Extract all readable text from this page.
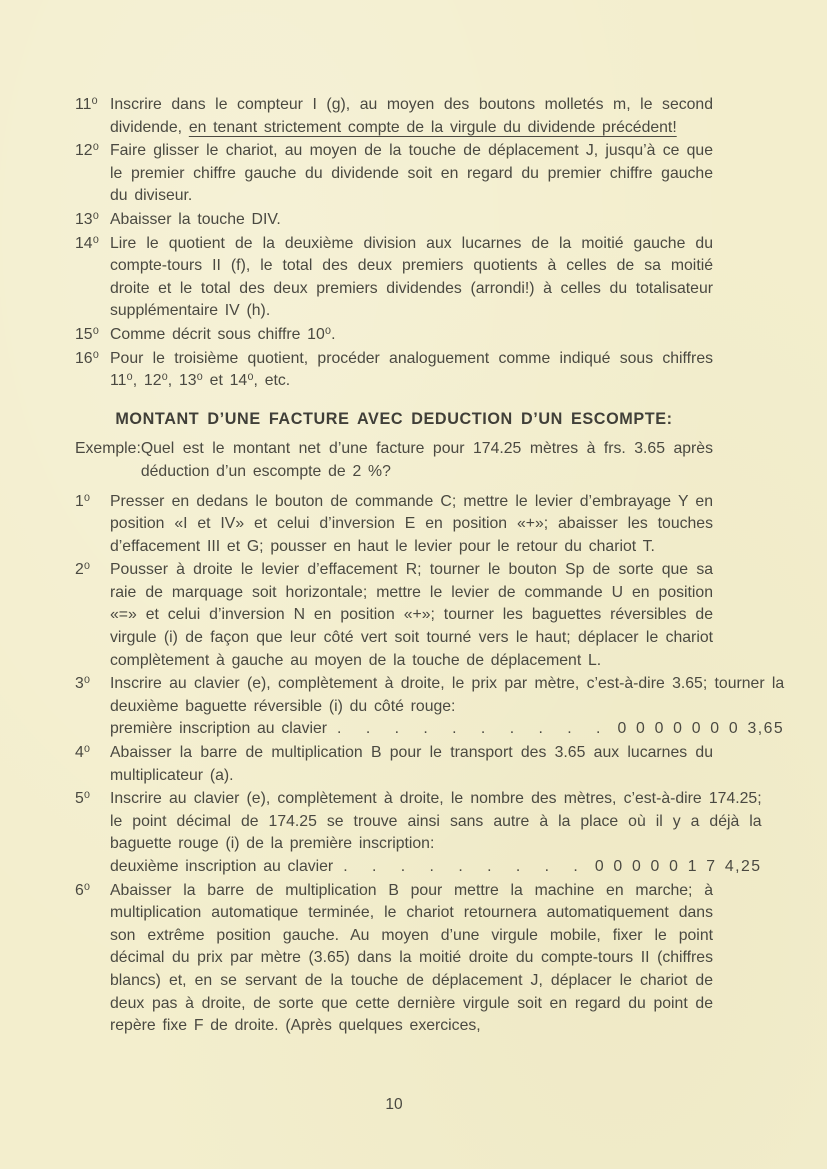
11⁰ Inscrire dans le compteur I (g), au moyen des boutons molletés m, le second dividende, en tenant strictement compte de la virgule du dividende précédent!
12⁰ Faire glisser le chariot, au moyen de la touche de déplacement J, jusqu’à ce que le premier chiffre gauche du dividende soit en regard du premier chiffre gauche du diviseur.
13⁰ Abaisser la touche DIV.
14⁰ Lire le quotient de la deuxième division aux lucarnes de la moitié gauche du compte-tours II (f), le total des deux premiers quotients à celles de sa moitié droite et le total des deux premiers dividendes (arrondi!) à celles du totalisateur supplémentaire IV (h).
15⁰ Comme décrit sous chiffre 10⁰.
16⁰ Pour le troisième quotient, procéder analoguement comme indiqué sous chiffres 11⁰, 12⁰, 13⁰ et 14⁰, etc.
MONTANT D’UNE FACTURE AVEC DEDUCTION D’UN ESCOMPTE:
Exemple: Quel est le montant net d’une facture pour 174.25 mètres à frs. 3.65 après déduction d’un escompte de 2 %?
1⁰	Presser en dedans le bouton de commande C; mettre le levier d’embrayage Y en position «I et IV» et celui d’inversion E en position «+»; abaisser les touches d’effacement III et G; pousser en haut le levier pour le retour du chariot T.
2⁰	Pousser à droite le levier d’effacement R; tourner le bouton Sp de sorte que sa raie de marquage soit horizontale; mettre le levier de commande U en position «=» et celui d’inversion N en position «+»; tourner les baguettes réversibles de virgule (i) de façon que leur côté vert soit tourné vers le haut; déplacer le chariot complètement à gauche au moyen de la touche de déplacement L.
3⁰	Inscrire au clavier (e), complètement à droite, le prix par mètre, c’est-à-dire 3.65; tourner la deuxième baguette réversible (i) du côté rouge:
première inscription au clavier . . . . . . . . . . 0 0 0 0 0 0 0 3,65
4⁰	Abaisser la barre de multiplication B pour le transport des 3.65 aux lucarnes du multiplicateur (a).
5⁰	Inscrire au clavier (e), complètement à droite, le nombre des mètres, c’est-à-dire 174.25; le point décimal de 174.25 se trouve ainsi sans autre à la place où il y a déjà la baguette rouge (i) de la première inscription:
deuxième inscription au clavier . . . . . . . . . 0 0 0 0 0 1 7 4,25
6⁰	Abaisser la barre de multiplication B pour mettre la machine en marche; à multiplication automatique terminée, le chariot retournera automatiquement dans son extrême position gauche. Au moyen d’une virgule mobile, fixer le point décimal du prix par mètre (3.65) dans la moitié droite du compte-tours II (chiffres blancs) et, en se servant de la touche de déplacement J, déplacer le chariot de deux pas à droite, de sorte que cette dernière virgule soit en regard du point de repère fixe F de droite. (Après quelques exercices,
10
